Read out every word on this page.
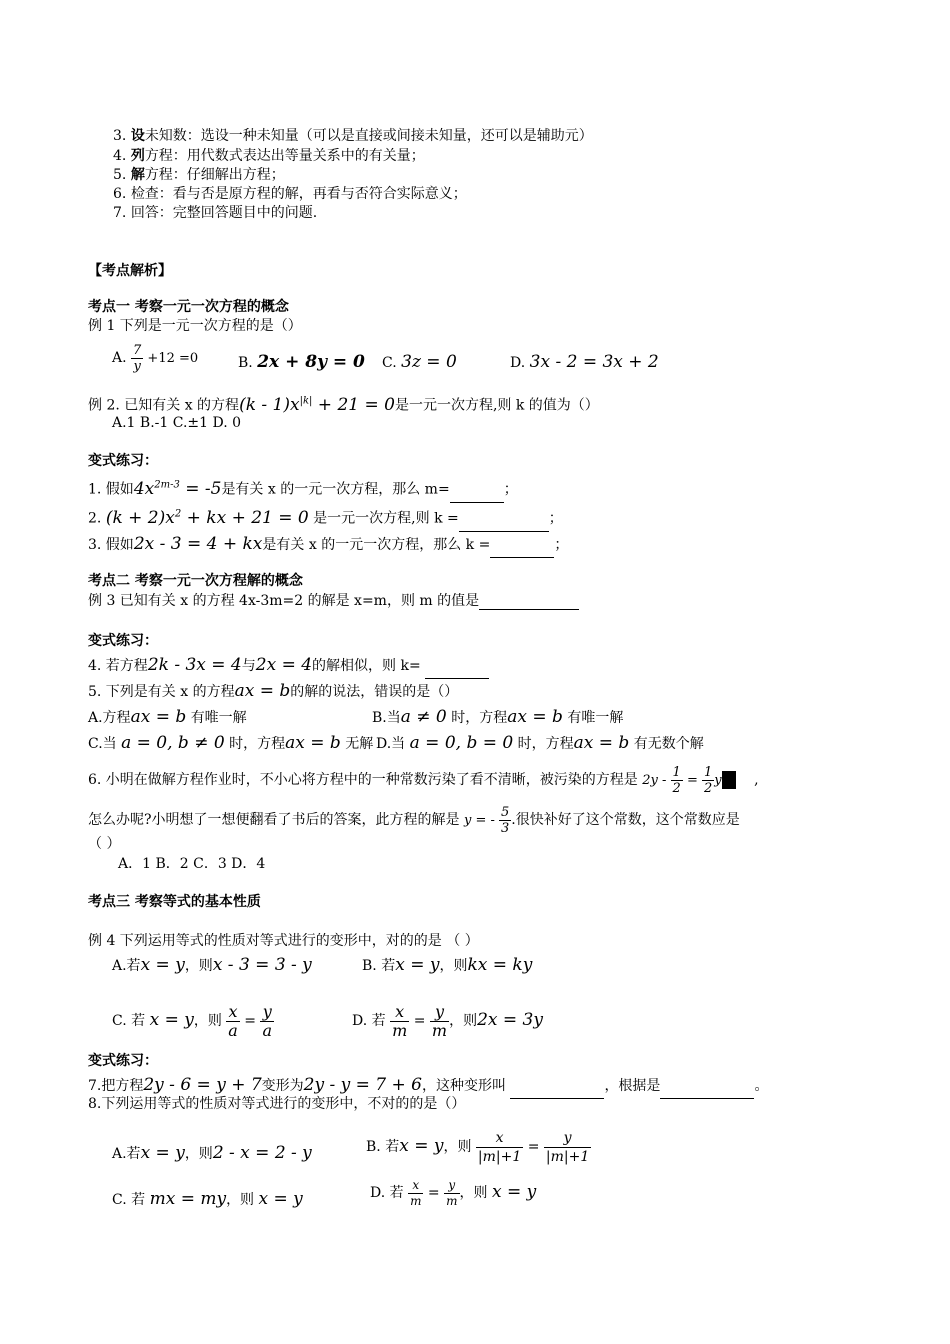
3. 设未知数：选设一种未知量（可以是直接或间接未知量，还可以是辅助元）
4. 列方程：用代数式表达出等量关系中的有关量；
5. 解方程：仔细解出方程；
6. 检查：看与否是原方程的解，再看与否符合实际意义；
7. 回答：完整回答题目中的问题.
【考点解析】
考点一 考察一元一次方程的概念
例 1 下列是一元一次方程的是（）
A. $\frac{7}{y} +12 =0$	B. 2x + 8y = 0 C. 3z = 0	D. 3x - 2 = 3x + 2
例 2. 已知有关 x 的方程$(k - 1)x^{|k|} + 21 = 0$是一元一次方程,则 k 的值为（）
A.1 B.-1 C.±1 D. 0
变式练习：
1. 假如$4x^{2m-3} = -5$是有关 x 的一元一次方程，那么 m=	；
2. $(k + 2)x^2$ + kx + 21 = 0 是一元一次方程,则 k =	；
3. 假如2x - 3 = 4 + kx是有关 x 的一元一次方程，那么 k =	；
考点二 考察一元一次方程解的概念
例 3 已知有关 x 的方程 4x-3m=2 的解是 x=m，则 m 的值是
变式练习：
4. 若方程2k - 3x = 4与2x = 4的解相似，则 k=
5. 下列是有关 x 的方程ax = b的解的说法，错误的是（）
A.方程ax = b 有唯一解	B.当a ≠ 0 时，方程ax = b 有唯一解
C.当 a = 0, b ≠ 0 时，方程ax = b 无解 D.当 a = 0, b = 0 时，方程ax = b 有无数个解
6. 小明在做解方程作业时，不小心将方程中的一种常数污染了看不清晰，被污染的方程是 $2y - \frac{1}{2} = \frac{1}{2}$ y ,
怎么办呢?小明想了一想便翻看了书后的答案，此方程的解是 y = - $\frac{5}{3}$ .很快补好了这个常数，这个常数应是
（ ）
A．1 B．2 C．3 D．4
考点三 考察等式的基本性质
例 4 下列运用等式的性质对等式进行的变形中，对的的是 （ ）
A.若x = y，则x - 3 = 3 - y	B. 若x = y，则kx = ky
C. 若 x = y，则 $\frac{x}{a} = \frac{y}{a}$	D. 若 $\frac{x}{m} = \frac{y}{m}$ ，则2x = 3y
变式练习：
7.把方程2y - 6 = y + 7变形为2y - y = 7 + 6，这种变形叫	，根据是	。
8.下列运用等式的性质对等式进行的变形中，不对的的是（）
A.若x = y，则2 - x = 2 - y	B. 若x = y，则 $\frac{x}{|m|+1} = \frac{y}{|m|+1}$
C. 若 mx = my，则 x = y	D. 若 $\frac{x}{m} = \frac{y}{m}$ ，则 x = y
